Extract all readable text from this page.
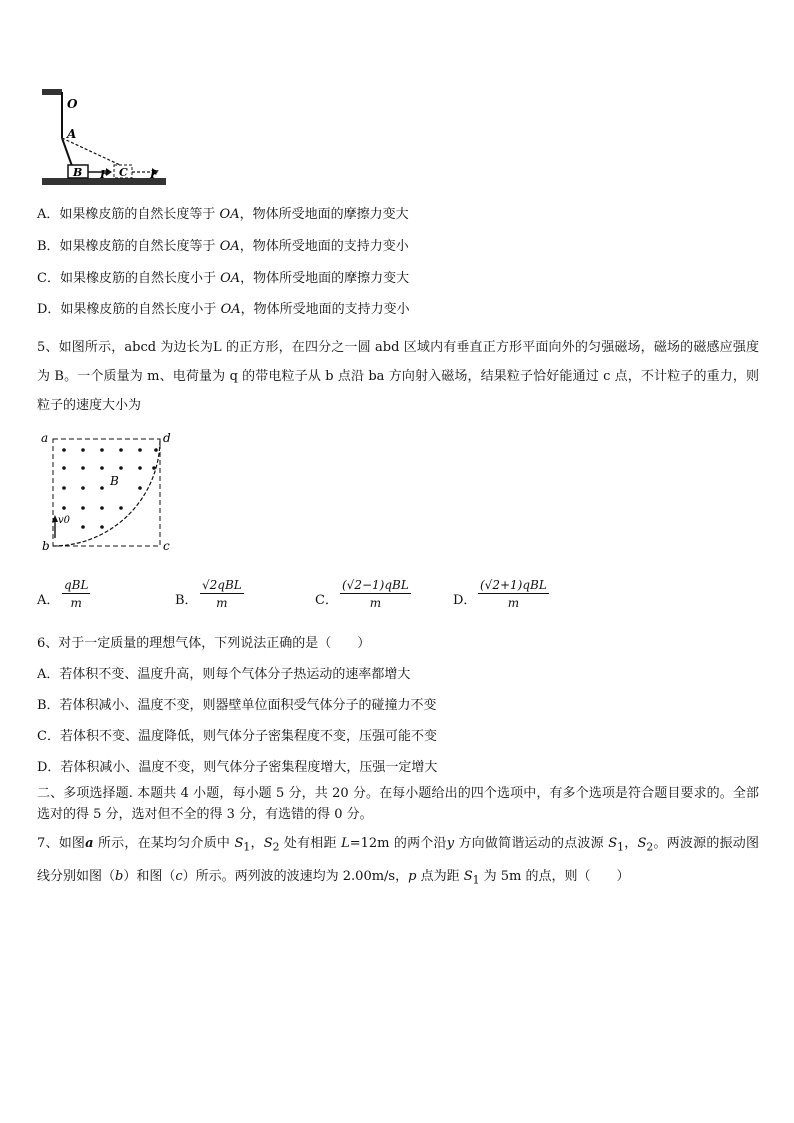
O
A
B F C F
A．如果橡皮筋的自然长度等于 OA，物体所受地面的摩擦力变大
B．如果橡皮筋的自然长度等于 OA，物体所受地面的支持力变小
C．如果橡皮筋的自然长度小于 OA，物体所受地面的摩擦力变大
D．如果橡皮筋的自然长度小于 OA，物体所受地面的支持力变小
5、如图所示，abcd 为边长为L 的正方形，在四分之一圆 abd 区域内有垂直正方形平面向外的匀强磁场，磁场的磁感应强度为 B。一个质量为 m、电荷量为 q 的带电粒子从 b 点沿 ba 方向射入磁场，结果粒子恰好能通过 c 点，不计粒子的重力，则粒子的速度大小为
a	d
b	c
B
v0
A．
qBL
m	B．
√2qBL
m	C．
(√2−1)qBL
m	D．
(√2+1)qBL
m
6、对于一定质量的理想气体，下列说法正确的是（　　）
A．若体积不变、温度升高，则每个气体分子热运动的速率都增大
B．若体积减小、温度不变，则器壁单位面积受气体分子的碰撞力不变
C．若体积不变、温度降低，则气体分子密集程度不变，压强可能不变
D．若体积减小、温度不变，则气体分子密集程度增大，压强一定增大
二、多项选择题. 本题共 4 小题，每小题 5 分，共 20 分。在每小题给出的四个选项中，有多个选项是符合题目要求的。全部选对的得 5 分，选对但不全的得 3 分，有选错的得 0 分。
7、如图a 所示，在某均匀介质中 $S_1$，$S_2$ 处有相距 L=12m 的两个沿y 方向做简谐运动的点波源 $S_1$，$S_2$。两波源的振动图线分别如图（b）和图（c）所示。两列波的波速均为 2.00m/s，p 点为距 $S_1$ 为 5m 的点，则（　　）
